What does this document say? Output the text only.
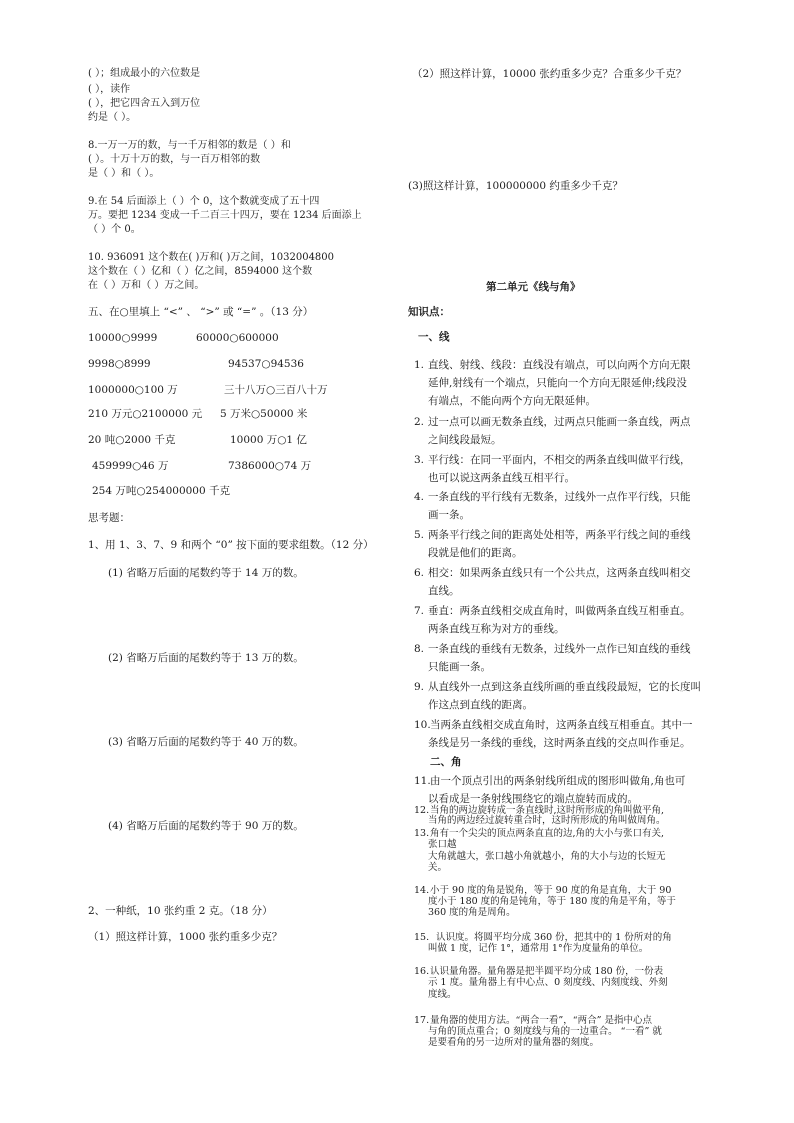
( ）；组成最小的六位数是
( ），读作
( ），把它四舍五入到万位
约是（ ）。
8.一万一万的数，与一千万相邻的数是（ ）和
( ）。十万十万的数，与一百万相邻的数
是（ ）和（ ）。
9.在 54 后面添上（ ）个 0，这个数就变成了五十四
万。要把 1234 变成一千二百三十四万，要在 1234 后面添上
（ ）个 0。
10. 936091 这个数在( )万和( )万之间，1032004800
这个数在（ ）亿和（ ）亿之间，8594000 这个数
在（ ）万和（ ）万之间。
五、在○里填上 “<” 、 “>” 或 “=” 。（13 分）
10000○9999	60000○600000
9998○8999	94537○94536
1000000○100 万	三十八万○三百八十万
210 万元○2100000 元 5 万米○50000 米
20 吨○2000 千克	10000 万○1 亿
459999○46 万	7386000○74 万
254 万吨○254000000 千克
思考题：
1、用 1、3、7、9 和两个 “0” 按下面的要求组数。（12 分）
(1) 省略万后面的尾数约等于 14 万的数。
(2) 省略万后面的尾数约等于 13 万的数。
(3) 省略万后面的尾数约等于 40 万的数。
(4) 省略万后面的尾数约等于 90 万的数。
2、一种纸，10 张约重 2 克。（18 分）
（1）照这样计算，1000 张约重多少克？
（2）照这样计算，10000 张约重多少克？合重多少千克？
(3)照这样计算，100000000 约重多少千克？
第二单元《线与角》
知识点：
一、线
1. 直线、射线、线段：直线没有端点，可以向两个方向无限
延伸,射线有一个端点，只能向一个方向无限延伸;线段没
有端点，不能向两个方向无限延伸。
2. 过一点可以画无数条直线，过两点只能画一条直线，两点
之间线段最短。
3. 平行线：在同一平面内，不相交的两条直线叫做平行线，
也可以说这两条直线互相平行。
4. 一条直线的平行线有无数条，过线外一点作平行线，只能
画一条。
5. 两条平行线之间的距离处处相等，两条平行线之间的垂线
段就是他们的距离。
6. 相交：如果两条直线只有一个公共点，这两条直线叫相交
直线。
7. 垂直：两条直线相交成直角时，叫做两条直线互相垂直。
两条直线互称为对方的垂线。
8. 一条直线的垂线有无数条，过线外一点作已知直线的垂线
只能画一条。
9. 从直线外一点到这条直线所画的垂直线段最短，它的长度叫
作这点到直线的距离。
10. 当两条直线相交成直角时，这两条直线互相垂直。其中一
条线是另一条线的垂线，这时两条直线的交点叫作垂足。
二、角
11. 由一个顶点引出的两条射线所组成的图形叫做角,角也可
以看成是一条射线围绕它的端点旋转而成的。
12. 当角的两边旋转成一条直线时,这时所形成的角叫做平角,
当角的两边经过旋转重合时，这时所形成的角叫做周角。
13. 角有一个尖尖的顶点两条直直的边,角的大小与张口有关,
张口越
大角就越大，张口越小角就越小，角的大小与边的长短无
关。
14. 小于 90 度的角是锐角，等于 90 度的角是直角，大于 90
度小于 180 度的角是钝角，等于 180 度的角是平角，等于
360 度的角是周角。
15. 认识度。将圆平均分成 360 份，把其中的 1 份所对的角
叫做 1 度，记作 1°，通常用 1°作为度量角的单位。
16. 认识量角器。量角器是把半圆平均分成 180 份，一份表
示 1 度。量角器上有中心点、0 刻度线、内刻度线、外刻
度线。
17. 量角器的使用方法。“两合一看”，“两合” 是指中心点
与角的顶点重合；0 刻度线与角的一边重合。 “一看” 就
是要看角的另一边所对的量角器的刻度。
